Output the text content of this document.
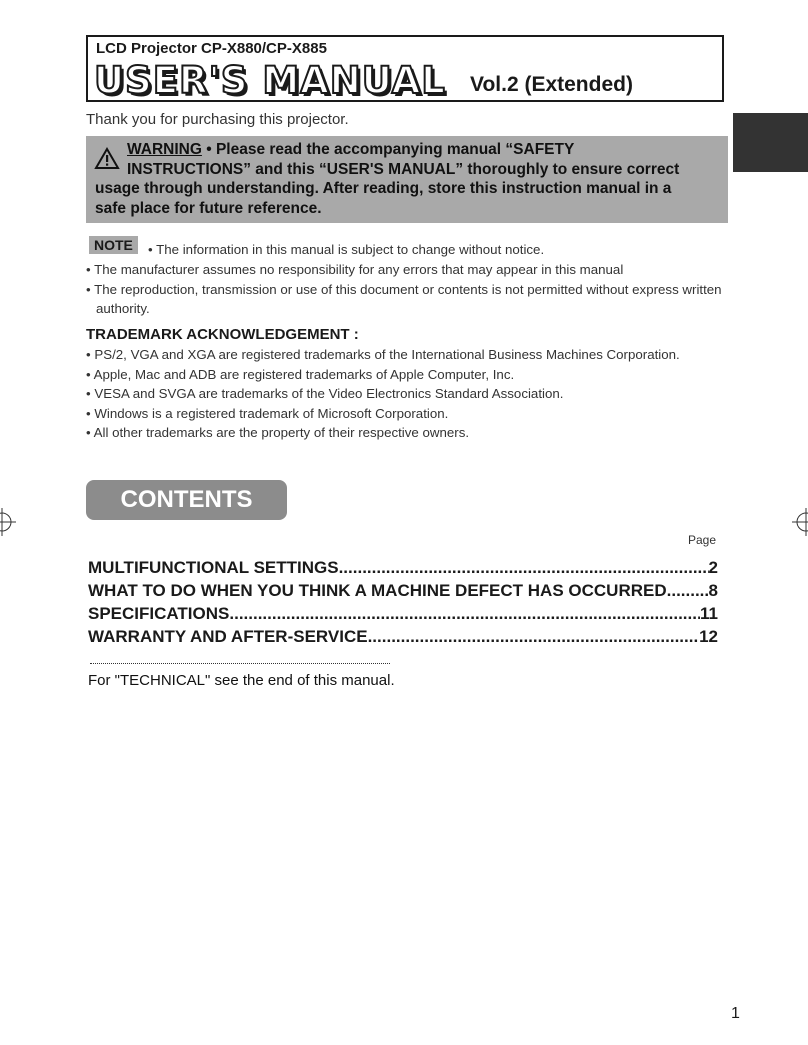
LCD Projector CP-X880/CP-X885
USER'S MANUAL Vol.2 (Extended)
Thank you for purchasing this projector.
WARNING • Please read the accompanying manual “SAFETY
INSTRUCTIONS” and this “USER'S MANUAL” thoroughly to ensure correct
usage through understanding. After reading, store this instruction manual in a
safe place for future reference.
NOTE	• The information in this manual is subject to change without notice.
• The manufacturer assumes no responsibility for any errors that may appear in this manual
• The reproduction, transmission or use of this document or contents is not permitted without express written authority.
TRADEMARK ACKNOWLEDGEMENT :
• PS/2, VGA and XGA are registered trademarks of the International Business Machines Corporation.
• Apple, Mac and ADB are registered trademarks of Apple Computer, Inc.
• VESA and SVGA are trademarks of the Video Electronics Standard Association.
• Windows is a registered trademark of Microsoft Corporation.
• All other trademarks are the property of their respective owners.
CONTENTS
Page
MULTIFUNCTIONAL SETTINGS .....	2
WHAT TO DO WHEN YOU THINK A MACHINE DEFECT HAS OCCURRED ..... 8
SPECIFICATIONS .....	11
WARRANTY AND AFTER-SERVICE .....	12
For "TECHNICAL" see the end of this manual.
1
